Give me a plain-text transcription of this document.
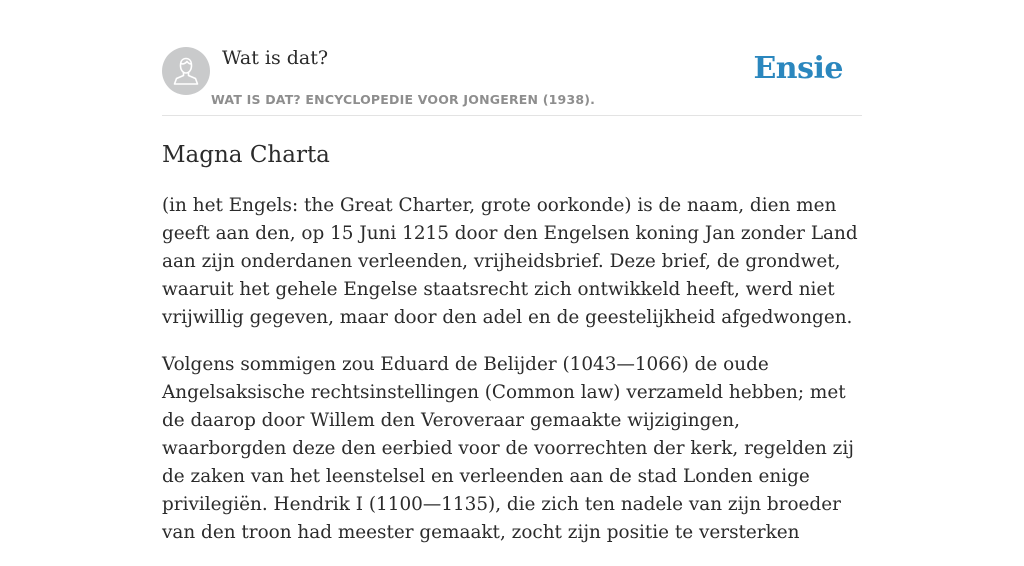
Wat is dat?
WAT IS DAT? ENCYCLOPEDIE VOOR JONGEREN (1938).
Ensie
Magna Charta

(in het Engels: the Great Charter, grote oorkonde) is de naam, dien men geeft aan den, op 15 Juni 1215 door den Engelsen koning Jan zonder Land aan zijn onderdanen verleenden, vrijheidsbrief. Deze brief, de grondwet, waaruit het gehele Engelse staatsrecht zich ontwikkeld heeft, werd niet vrijwillig gegeven, maar door den adel en de geestelijkheid afgedwongen.

Volgens sommigen zou Eduard de Belijder (1043—1066) de oude Angelsaksische rechtsinstellingen (Common law) verzameld hebben; met de daarop door Willem den Veroveraar gemaakte wijzigingen, waarborgden deze den eerbied voor de voorrechten der kerk, regelden zij de zaken van het leenstelsel en verleenden aan de stad Londen enige privilegiën. Hendrik I (1100—1135), die zich ten nadele van zijn broeder van den troon had meester gemaakt, zocht zijn positie te versterken
